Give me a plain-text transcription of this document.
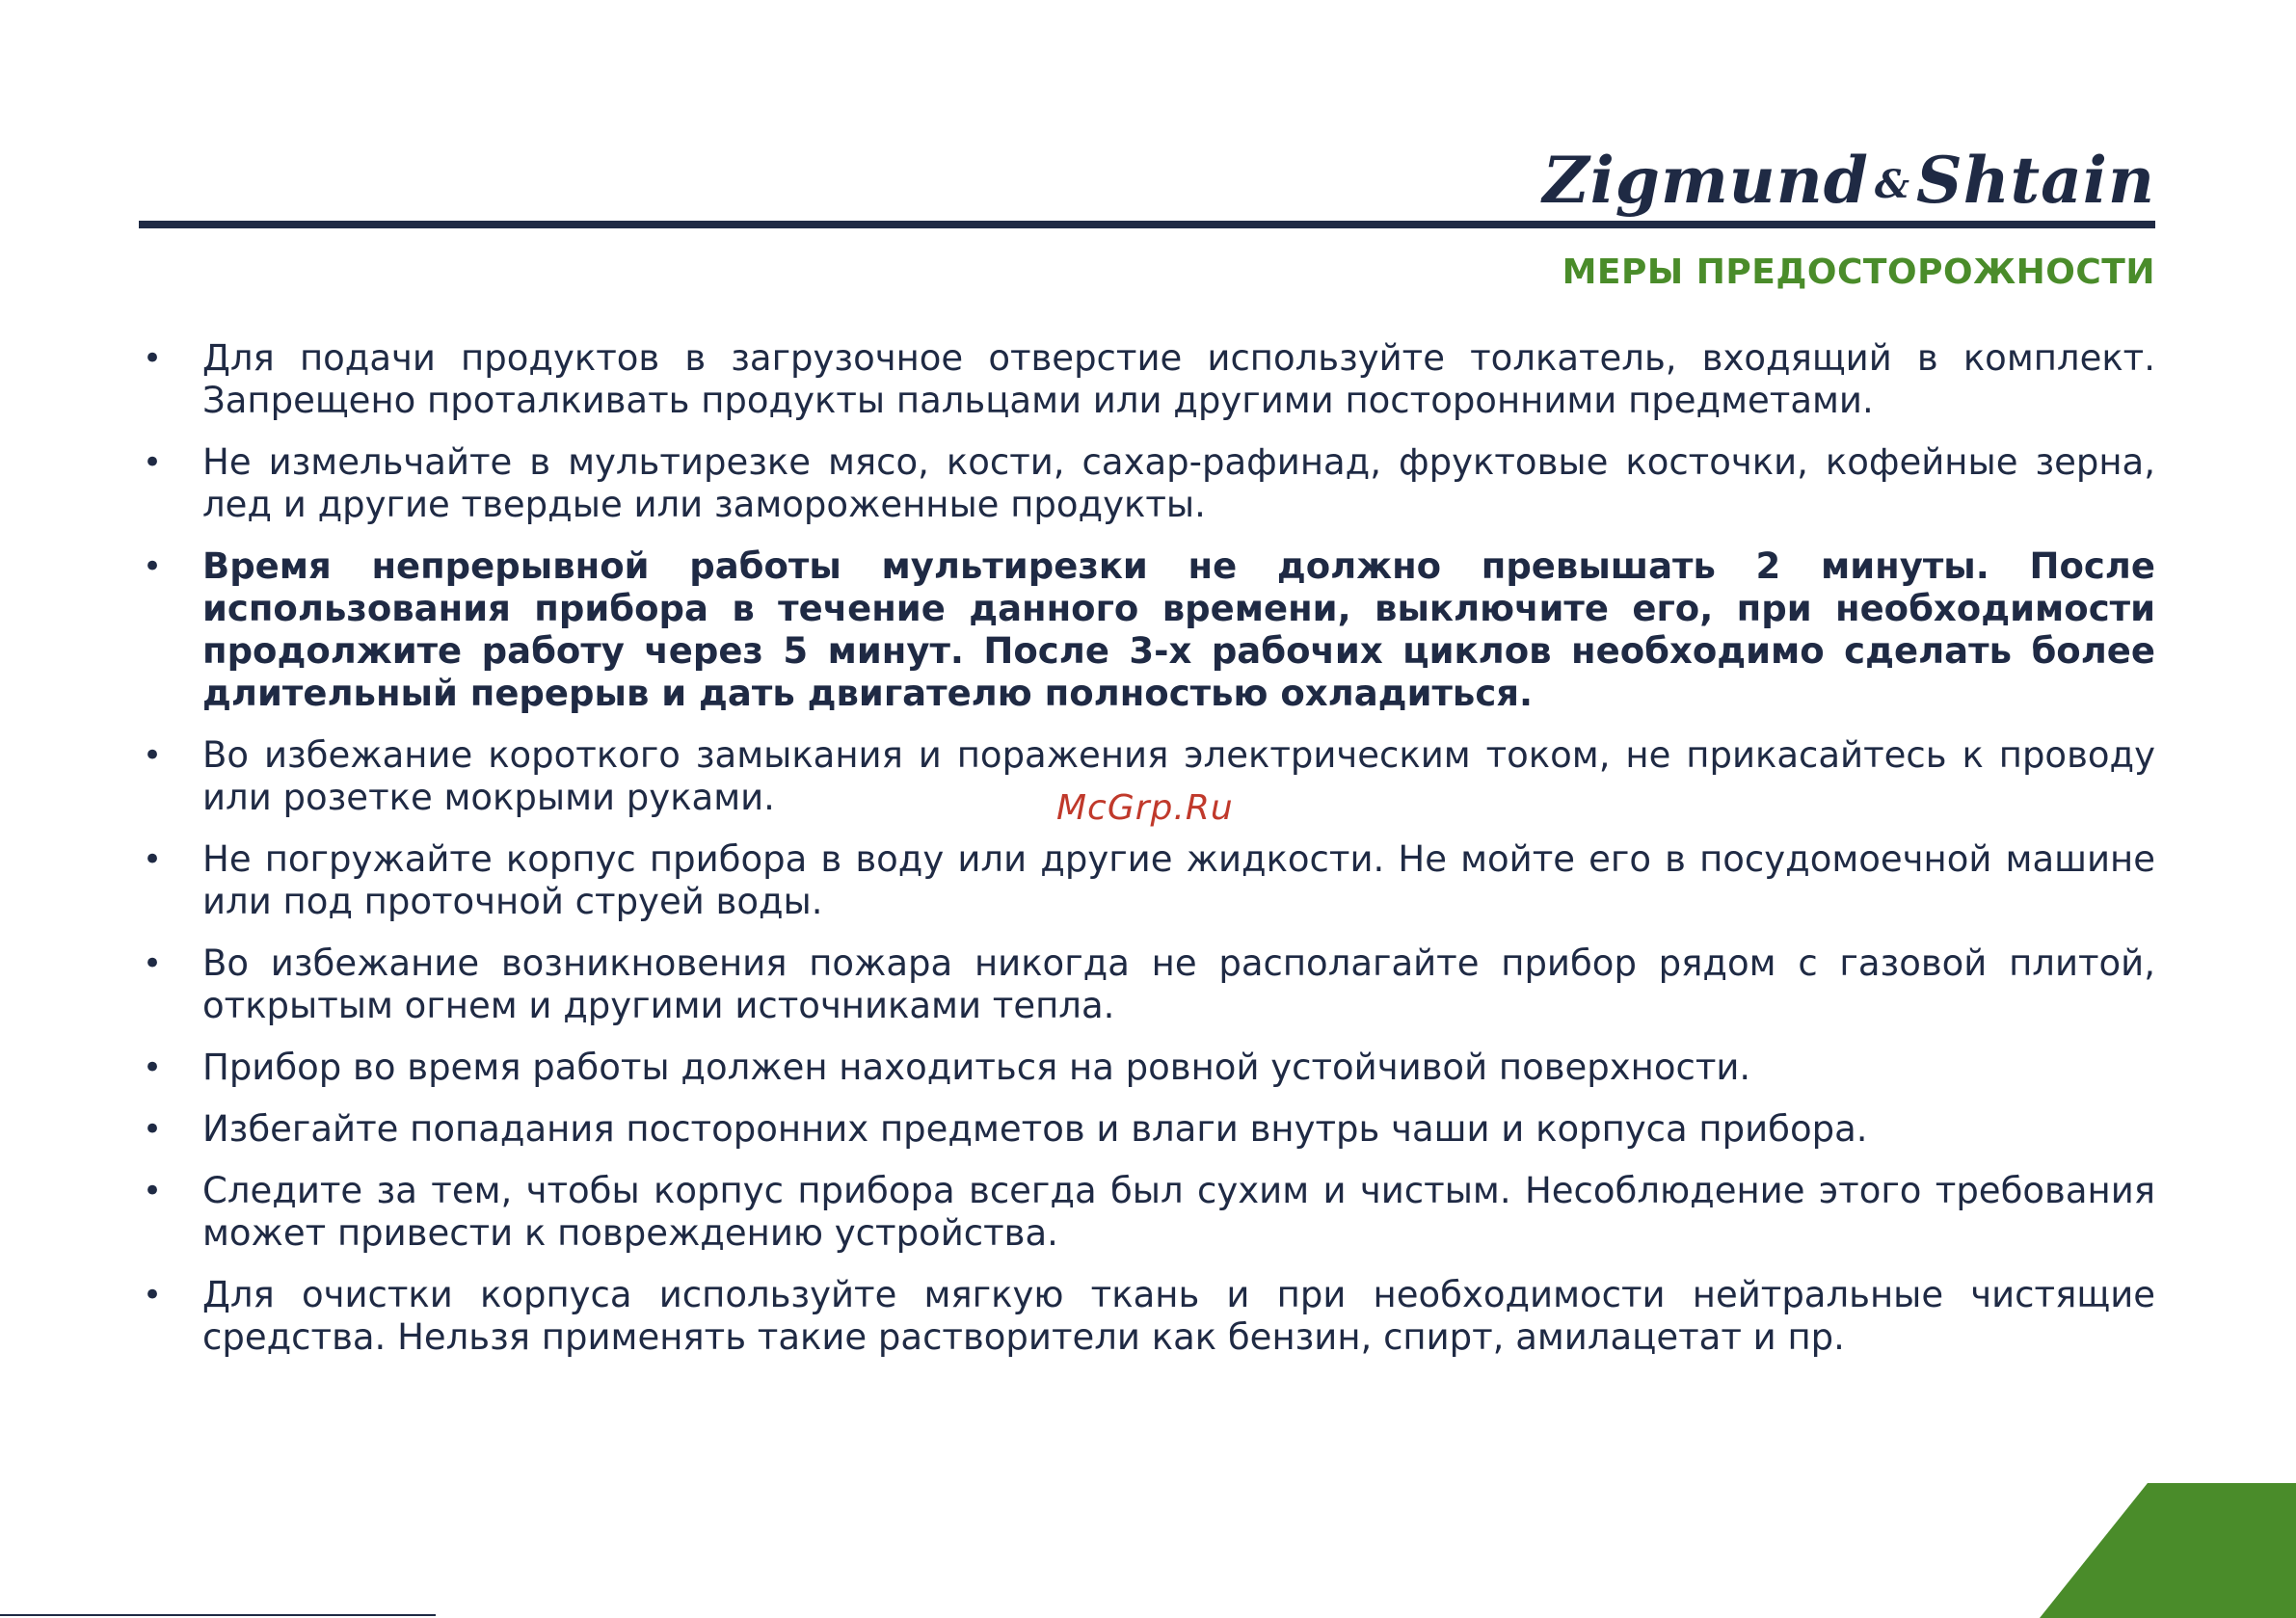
Zigmund & Shtain
МЕРЫ ПРЕДОСТОРОЖНОСТИ
• Для подачи продуктов в загрузочное отверстие используйте толкатель, входящий в комплект. Запрещено проталкивать продукты пальцами или другими посторонними предметами.
• Не измельчайте в мультирезке мясо, кости, сахар-рафинад, фруктовые косточки, кофейные зерна, лед и другие твердые или замороженные продукты.
• Время непрерывной работы мультирезки не должно превышать 2 минуты. После использования прибора в течение данного времени, выключите его, при необходимости продолжите работу через 5 минут. После 3-х рабочих циклов необходимо сделать более длительный перерыв и дать двигателю полностью охладиться.
• Во избежание короткого замыкания и поражения электрическим током, не прикасайтесь к проводу или розетке мокрыми руками.
• Не погружайте корпус прибора в воду или другие жидкости. Не мойте его в посудомоечной машине или под проточной струей воды.
• Во избежание возникновения пожара никогда не располагайте прибор рядом с газовой плитой, открытым огнем и другими источниками тепла.
• Прибор во время работы должен находиться на ровной устойчивой поверхности.
• Избегайте попадания посторонних предметов и влаги внутрь чаши и корпуса прибора.
• Следите за тем, чтобы корпус прибора всегда был сухим и чистым. Несоблюдение этого требования может привести к повреждению устройства.
• Для очистки корпуса используйте мягкую ткань и при необходимости нейтральные чистящие средства. Нельзя применять такие растворители как бензин, спирт, амилацетат и пр.
McGrp.Ru
